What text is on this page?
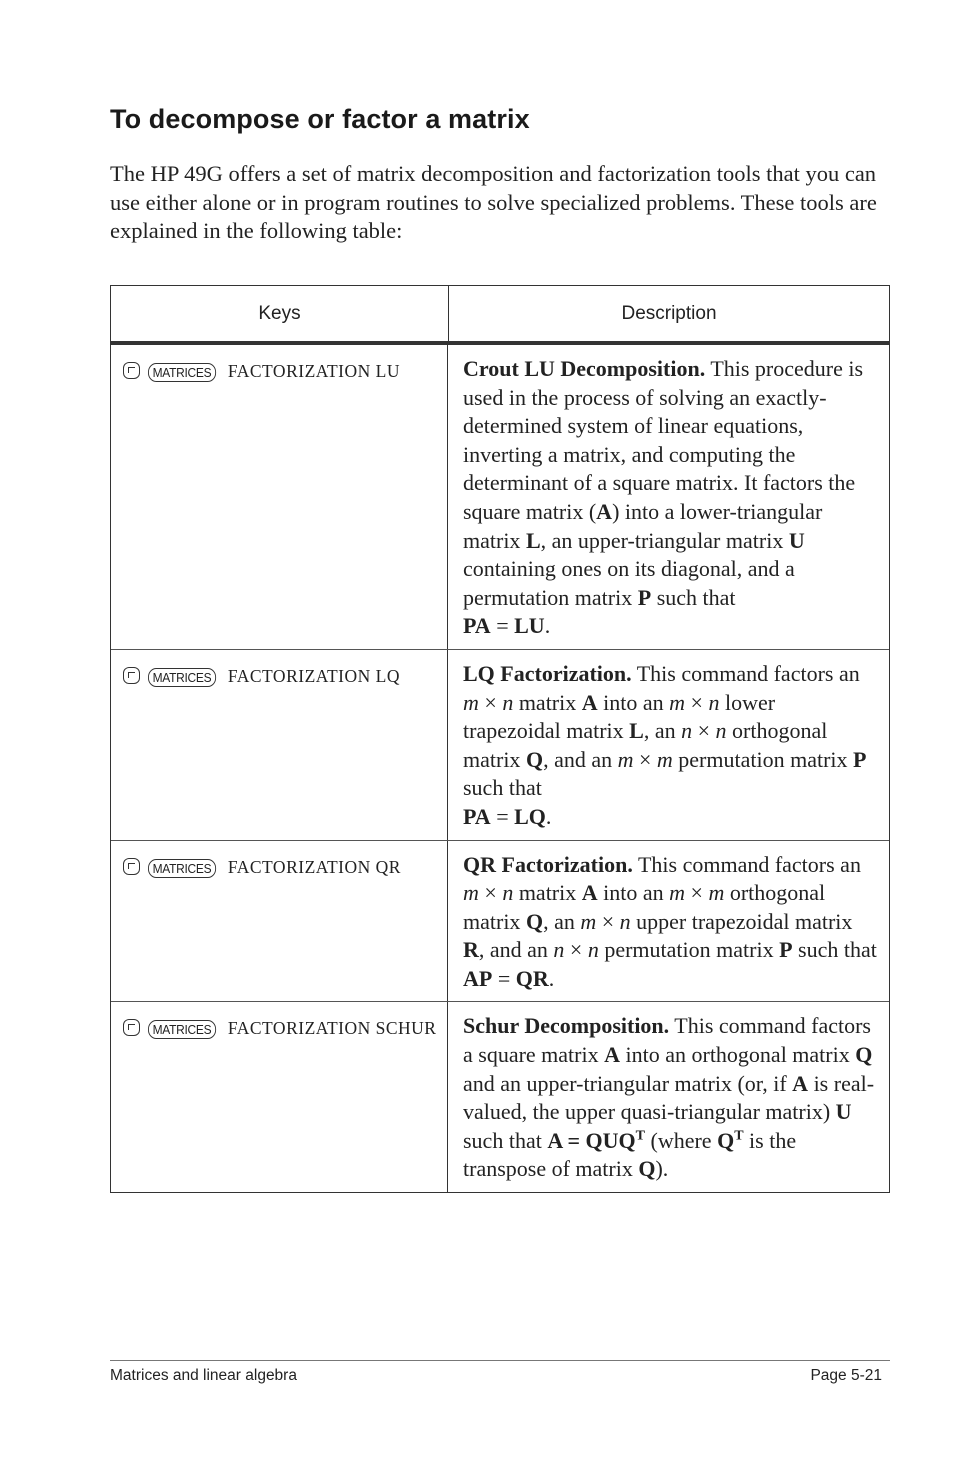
To decompose or factor a matrix
The HP 49G offers a set of matrix decomposition and factorization tools that you can use either alone or in program routines to solve specialized problems. These tools are explained in the following table:
Keys	Description
MATRICES FACTORIZATION LU	Crout LU Decomposition. This procedure is used in the process of solving an exactly-determined system of linear equations, inverting a matrix, and computing the determinant of a square matrix. It factors the square matrix (A) into a lower-triangular matrix L, an upper-triangular matrix U containing ones on its diagonal, and a permutation matrix P such that
PA = LU.
MATRICES FACTORIZATION LQ	LQ Factorization. This command factors an m × n matrix A into an m × n lower trapezoidal matrix L, an n × n orthogonal matrix Q, and an m × m permutation matrix P such that
PA = LQ.
MATRICES FACTORIZATION QR	QR Factorization. This command factors an m × n matrix A into an m × m orthogonal matrix Q, an m × n upper trapezoidal matrix R, and an n × n permutation matrix P such that
AP = QR.
MATRICES FACTORIZATION SCHUR	Schur Decomposition. This command factors a square matrix A into an orthogonal matrix Q and an upper-triangular matrix (or, if A is real-valued, the upper quasi-triangular matrix) U such that $A = QUQ^T$ (where $Q^T$ is the transpose of matrix Q).
Matrices and linear algebra	Page 5-21
